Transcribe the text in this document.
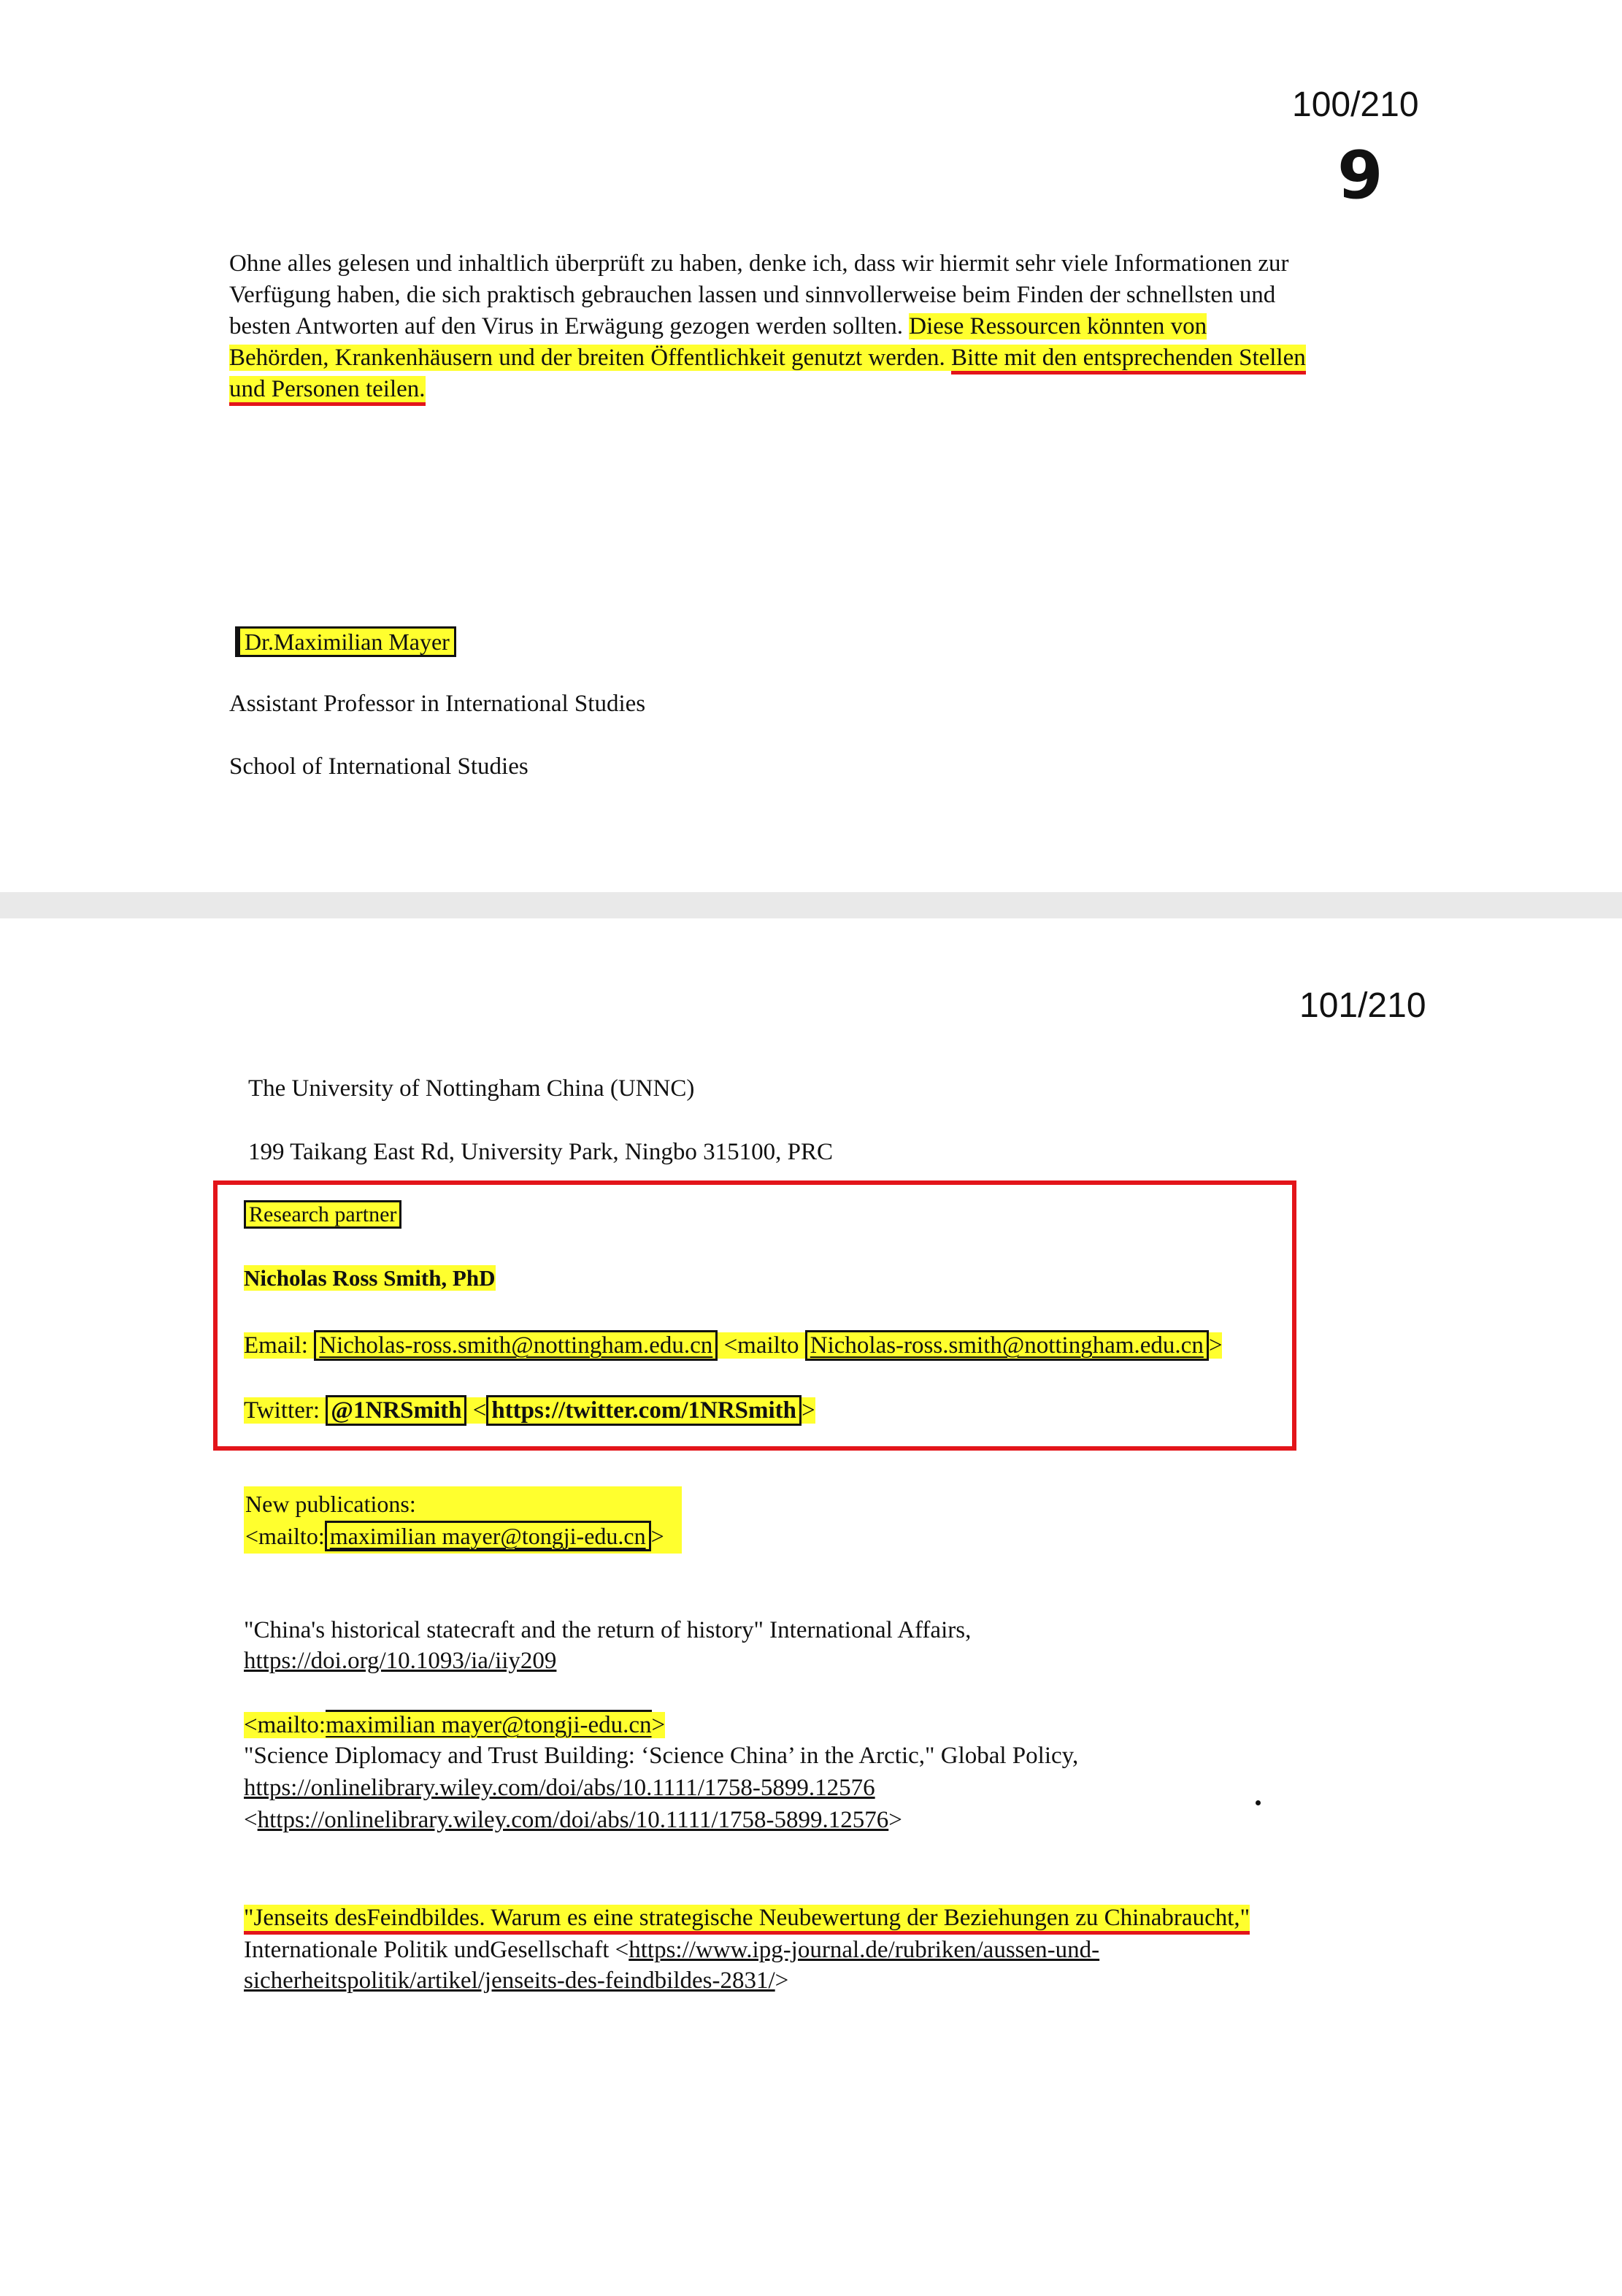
100/210
9
Ohne alles gelesen und inhaltlich überprüft zu haben, denke ich, dass wir hiermit sehr viele Informationen zur
Verfügung haben, die sich praktisch gebrauchen lassen und sinnvollerweise beim Finden der schnellsten und
besten Antworten auf den Virus in Erwägung gezogen werden sollten. Diese Ressourcen könnten von
Behörden, Krankenhäusern und der breiten Öffentlichkeit genutzt werden. Bitte mit den entsprechenden Stellen
und Personen teilen.
Dr.Maximilian Mayer
Assistant Professor in International Studies
School of International Studies
101/210
The University of Nottingham China (UNNC)
199 Taikang East Rd, University Park, Ningbo 315100, PRC
Research partner
Nicholas Ross Smith, PhD
Email: Nicholas-ross.smith@nottingham.edu.cn <mailto Nicholas-ross.smith@nottingham.edu.cn >
Twitter: @1NRSmith < https://twitter.com/1NRSmith >
New publications:
<mailto: maximilian mayer@tongji-edu.cn >
"China's historical statecraft and the return of history" International Affairs,
https://doi.org/10.1093/ia/iiy209
<mailto:maximilian mayer@tongji-edu.cn>
"Science Diplomacy and Trust Building: ‘Science China’ in the Arctic," Global Policy,
https://onlinelibrary.wiley.com/doi/abs/10.1111/1758-5899.12576
<https://onlinelibrary.wiley.com/doi/abs/10.1111/1758-5899.12576>
"Jenseits desFeindbildes. Warum es eine strategische Neubewertung der Beziehungen zu Chinabraucht,"
Internationale Politik undGesellschaft <https://www.ipg-journal.de/rubriken/aussen-und-
sicherheitspolitik/artikel/jenseits-des-feindbildes-2831/>
